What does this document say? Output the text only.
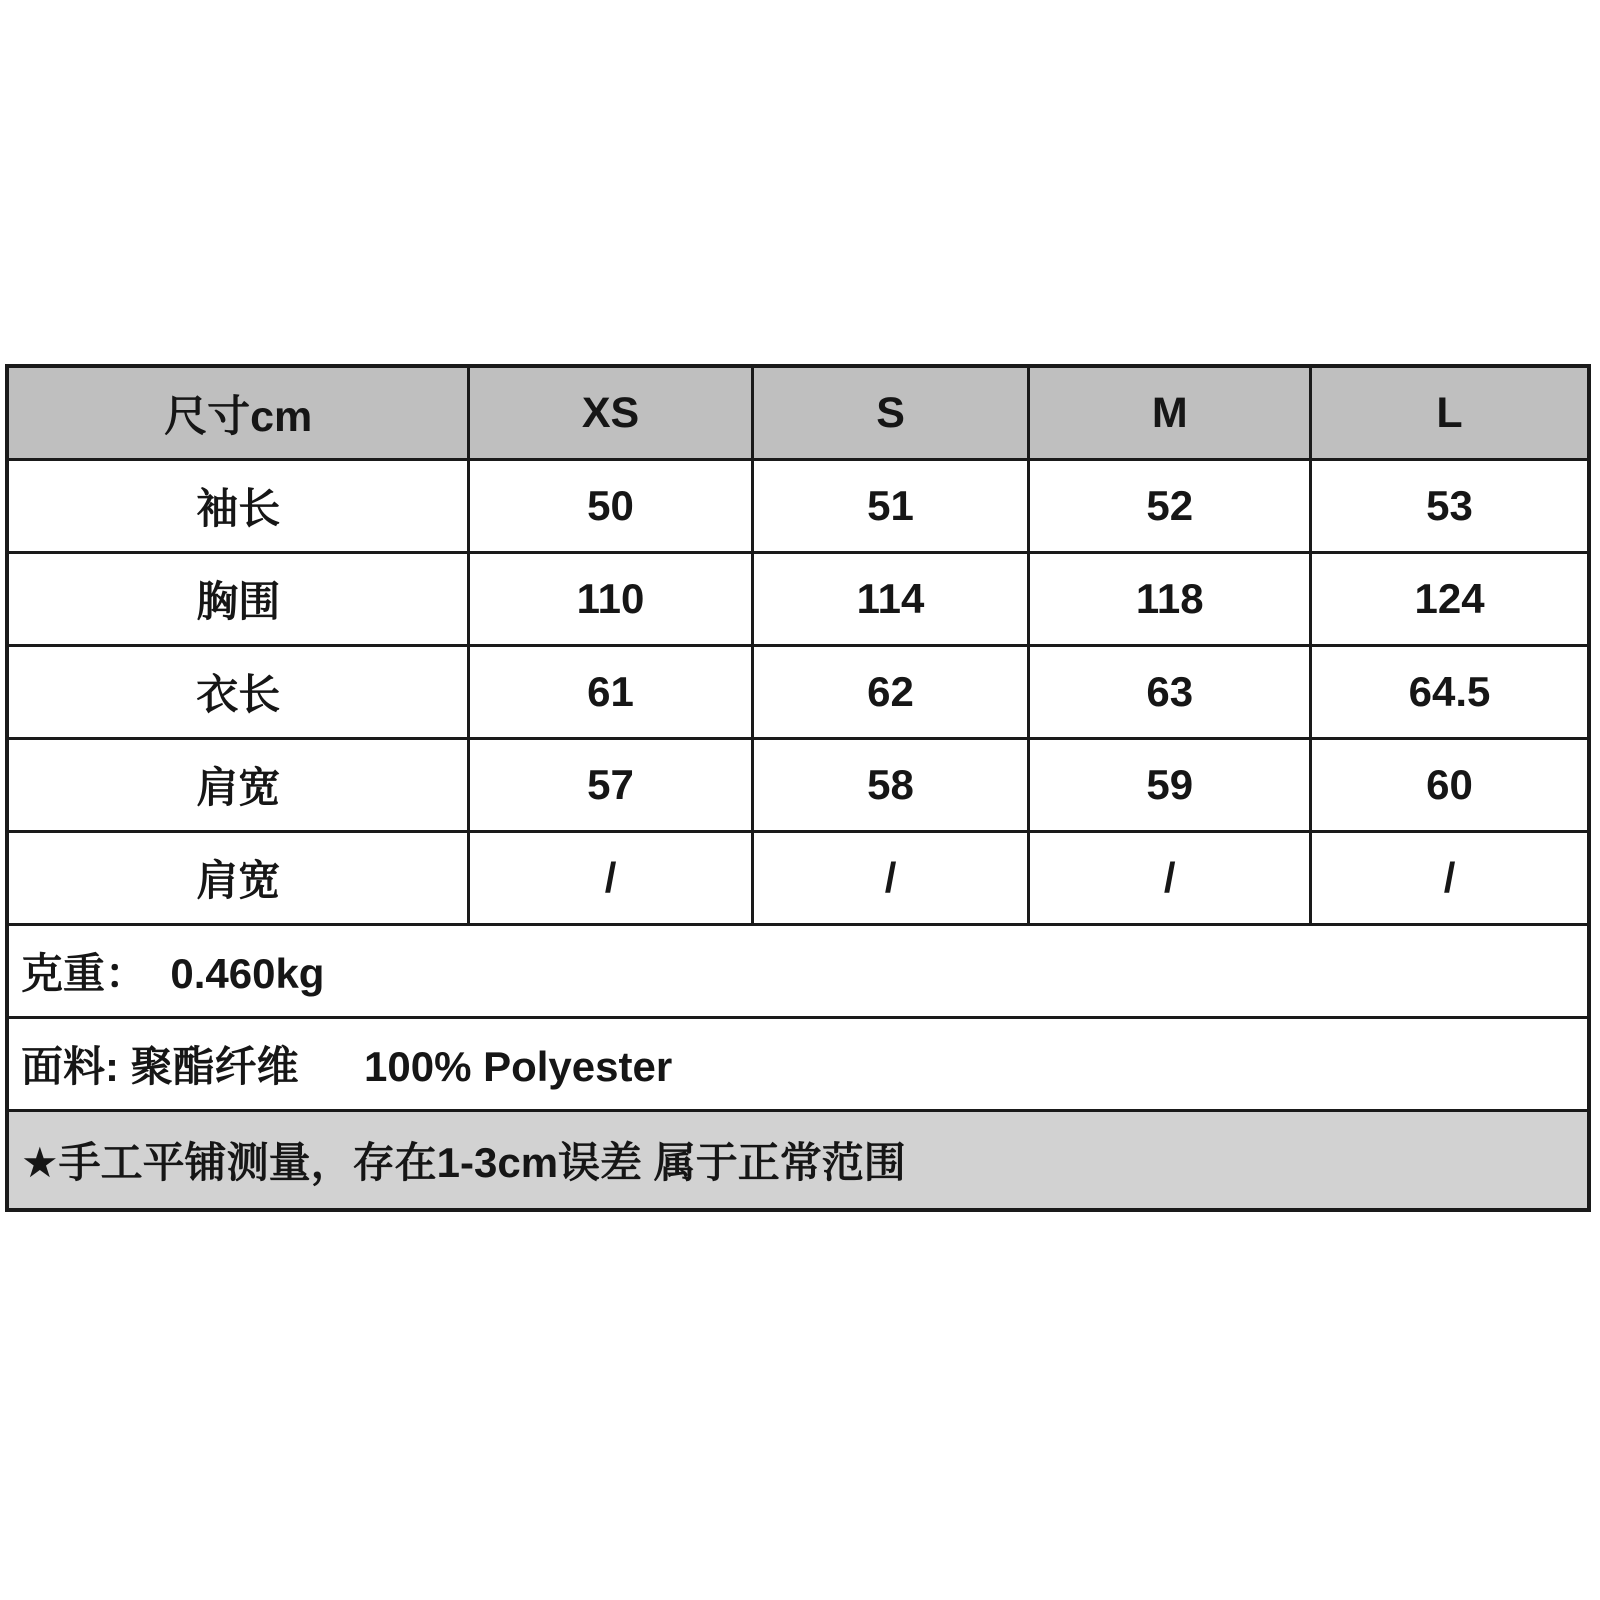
尺寸cm	XS	S	M	L
袖长	50	51	52	53
胸围	110	114	118	124
衣长	61	62	63	64.5
肩宽	57	58	59	60
肩宽	/	/	/	/
克重：  0.460kg				
面料: 聚酯纤维　  100% Polyester				
★手工平铺测量，存在1-3cm误差 属于正常范围				
